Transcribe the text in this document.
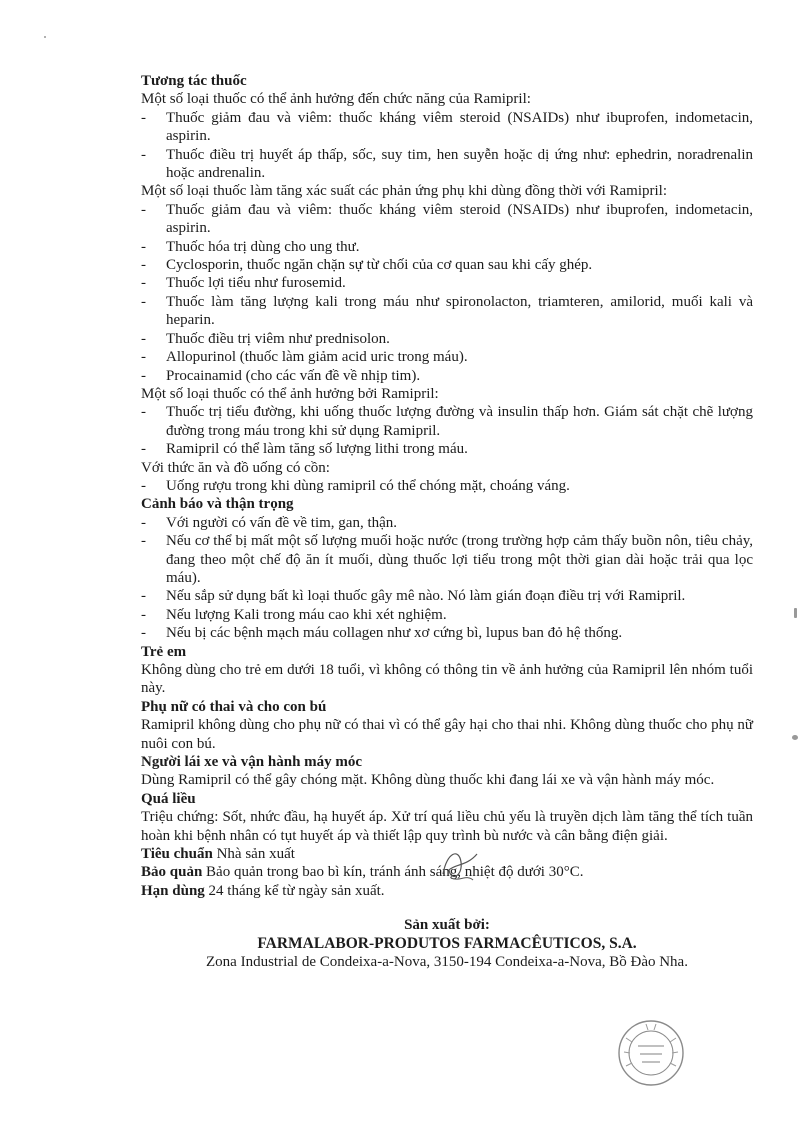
Tương tác thuốc
Một số loại thuốc có thể ảnh hưởng đến chức năng của Ramipril:
- Thuốc giảm đau và viêm: thuốc kháng viêm steroid (NSAIDs) như ibuprofen, indometacin, aspirin.
- Thuốc điều trị huyết áp thấp, sốc, suy tim, hen suyễn hoặc dị ứng như: ephedrin, noradrenalin hoặc andrenalin.
Một số loại thuốc làm tăng xác suất các phản ứng phụ khi dùng đồng thời với Ramipril:
- Thuốc giảm đau và viêm: thuốc kháng viêm steroid (NSAIDs) như ibuprofen, indometacin, aspirin.
- Thuốc hóa trị dùng cho ung thư.
- Cyclosporin, thuốc ngăn chặn sự từ chối của cơ quan sau khi cấy ghép.
- Thuốc lợi tiểu như furosemid.
- Thuốc làm tăng lượng kali trong máu như spironolacton, triamteren, amilorid, muối kali và heparin.
- Thuốc điều trị viêm như prednisolon.
- Allopurinol (thuốc làm giảm acid uric trong máu).
- Procainamid (cho các vấn đề về nhịp tim).
Một số loại thuốc có thể ảnh hưởng bởi Ramipril:
- Thuốc trị tiểu đường, khi uống thuốc lượng đường và insulin thấp hơn. Giám sát chặt chẽ lượng đường trong máu trong khi sử dụng Ramipril.
- Ramipril có thể làm tăng số lượng lithi trong máu.
Với thức ăn và đồ uống có cồn:
- Uống rượu trong khi dùng ramipril có thể chóng mặt, choáng váng.
Cảnh báo và thận trọng
- Với người có vấn đề về tim, gan, thận.
- Nếu cơ thể bị mất một số lượng muối hoặc nước (trong trường hợp cảm thấy buồn nôn, tiêu chảy, đang theo một chế độ ăn ít muối, dùng thuốc lợi tiểu trong một thời gian dài hoặc trải qua lọc máu).
- Nếu sắp sử dụng bất kì loại thuốc gây mê nào. Nó làm gián đoạn điều trị với Ramipril.
- Nếu lượng Kali trong máu cao khi xét nghiệm.
- Nếu bị các bệnh mạch máu collagen như xơ cứng bì, lupus ban đỏ hệ thống.
Trẻ em
Không dùng cho trẻ em dưới 18 tuổi, vì không có thông tin về ảnh hưởng của Ramipril lên nhóm tuổi này.
Phụ nữ có thai và cho con bú
Ramipril không dùng cho phụ nữ có thai vì có thể gây hại cho thai nhi. Không dùng thuốc cho phụ nữ nuôi con bú.
Người lái xe và vận hành máy móc
Dùng Ramipril có thể gây chóng mặt. Không dùng thuốc khi đang lái xe và vận hành máy móc.
Quá liều
Triệu chứng: Sốt, nhức đầu, hạ huyết áp. Xử trí quá liều chủ yếu là truyền dịch làm tăng thể tích tuần hoàn khi bệnh nhân có tụt huyết áp và thiết lập quy trình bù nước và cân bằng điện giải.
Tiêu chuẩn Nhà sản xuất
Bảo quản Bảo quản trong bao bì kín, tránh ánh sáng, nhiệt độ dưới 30°C.
Hạn dùng 24 tháng kể từ ngày sản xuất.
Sản xuất bởi:
FARMALABOR-PRODUTOS FARMACÊUTICOS, S.A.
Zona Industrial de Condeixa-a-Nova, 3150-194 Condeixa-a-Nova, Bồ Đào Nha.
